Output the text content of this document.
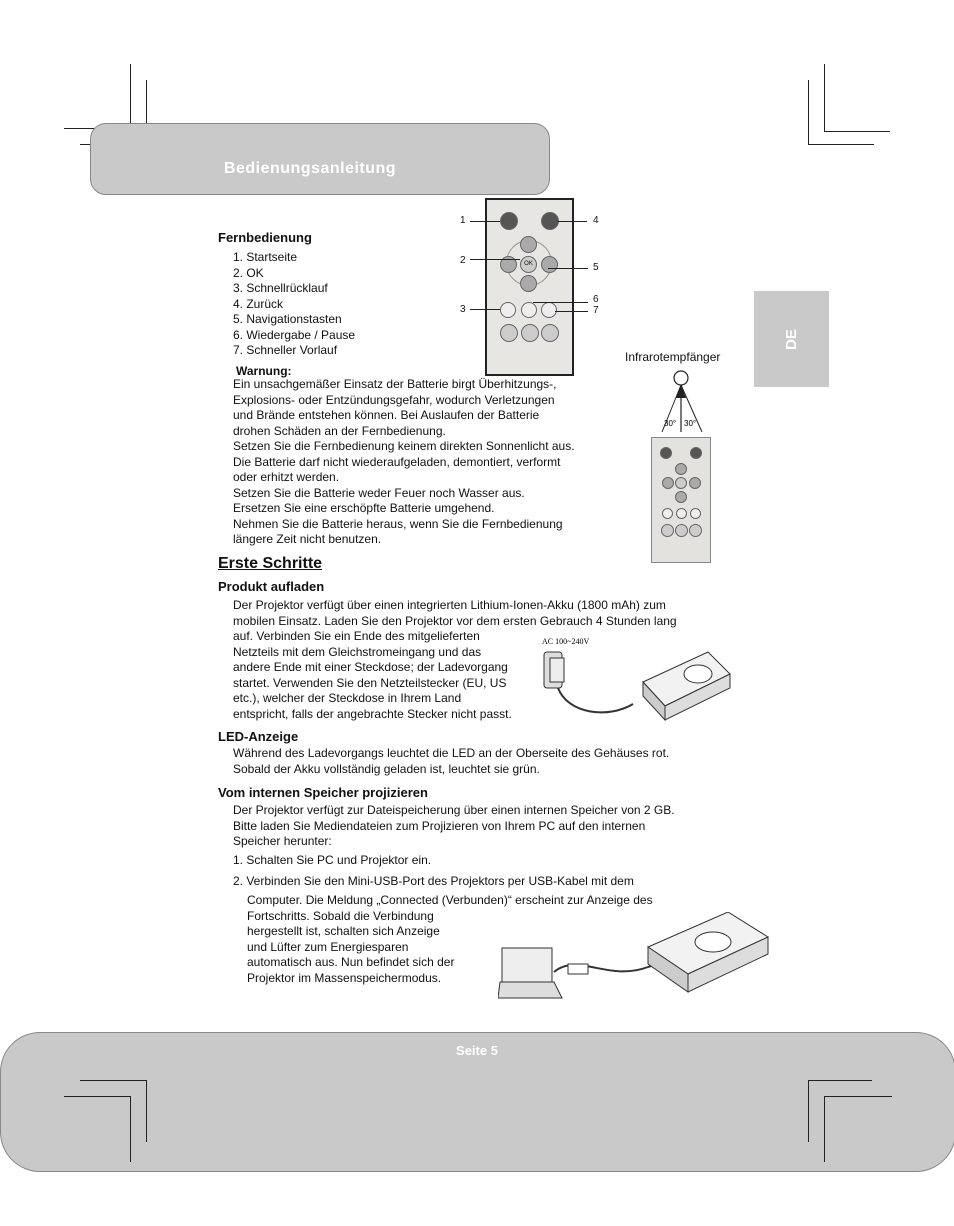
Bedienungsanleitung
DE
Fernbedienung
1. Startseite
2. OK
3. Schnellrücklauf
4. Zurück
5. Navigationstasten
6. Wiedergabe / Pause
7. Schneller Vorlauf
OK
1
2
3
4
5
6
7
Warnung:
Ein unsachgemäßer Einsatz der Batterie birgt Überhitzungs-,
Explosions- oder Entzündungsgefahr, wodurch Verletzungen
und Brände entstehen können. Bei Auslaufen der Batterie
drohen Schäden an der Fernbedienung.
Setzen Sie die Fernbedienung keinem direkten Sonnenlicht aus.
Die Batterie darf nicht wiederaufgeladen, demontiert, verformt
oder erhitzt werden.
Setzen Sie die Batterie weder Feuer noch Wasser aus.
Ersetzen Sie eine erschöpfte Batterie umgehend.
Nehmen Sie die Batterie heraus, wenn Sie die Fernbedienung
längere Zeit nicht benutzen.
Infrarotempfänger
30° 30°
Erste Schritte
Produkt aufladen
Der Projektor verfügt über einen integrierten Lithium-Ionen-Akku (1800 mAh) zum
mobilen Einsatz. Laden Sie den Projektor vor dem ersten Gebrauch 4 Stunden lang
auf. Verbinden Sie ein Ende des mitgelieferten
Netzteils mit dem Gleichstromeingang und das
andere Ende mit einer Steckdose; der Ladevorgang
startet. Verwenden Sie den Netzteilstecker (EU, US
etc.), welcher der Steckdose in Ihrem Land
entspricht, falls der angebrachte Stecker nicht passt.
AC 100~240V
LED-Anzeige
Während des Ladevorgangs leuchtet die LED an der Oberseite des Gehäuses rot.
Sobald der Akku vollständig geladen ist, leuchtet sie grün.
Vom internen Speicher projizieren
Der Projektor verfügt zur Dateispeicherung über einen internen Speicher von 2 GB.
Bitte laden Sie Mediendateien zum Projizieren von Ihrem PC auf den internen
Speicher herunter:
1. Schalten Sie PC und Projektor ein.
2. Verbinden Sie den Mini-USB-Port des Projektors per USB-Kabel mit dem
Computer. Die Meldung „Connected (Verbunden)“ erscheint zur Anzeige des
Fortschritts. Sobald die Verbindung
hergestellt ist, schalten sich Anzeige
und Lüfter zum Energiesparen
automatisch aus. Nun befindet sich der
Projektor im Massenspeichermodus.
Seite 5
